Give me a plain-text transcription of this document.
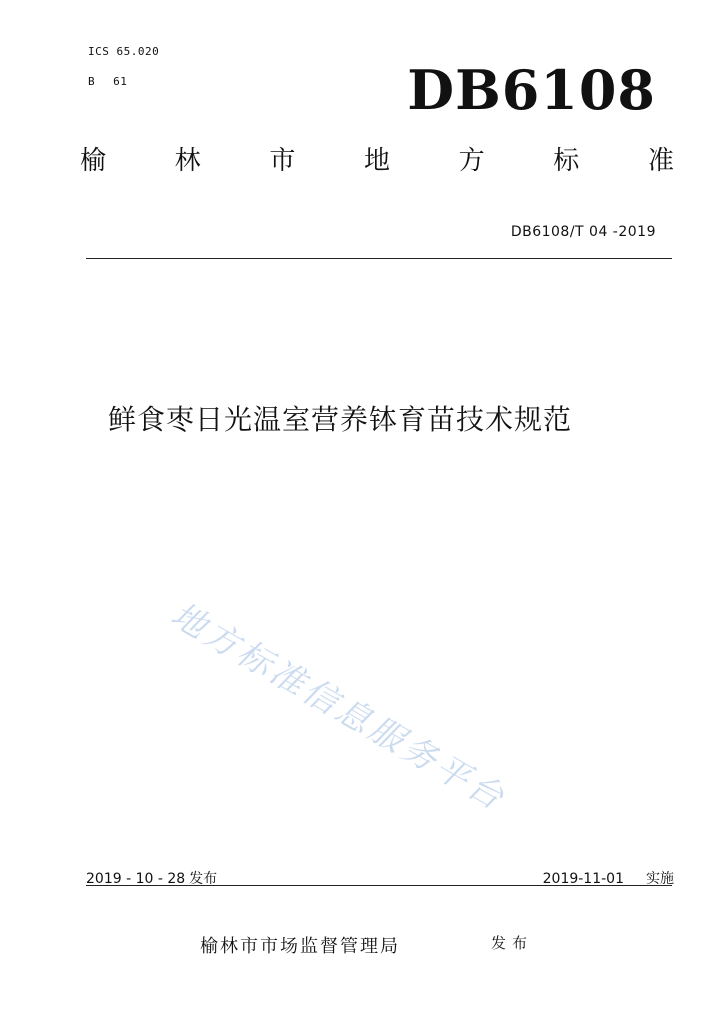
ICS 65.020
B 61	DB6108
榆	林	市	地	方	标	准
DB6108/T 04 -2019
鲜食枣日光温室营养钵育苗技术规范
地方标准信息服务平台
2019 - 10 - 28 发布	2019-11-01 实施
榆林市市场监督管理局	发布
